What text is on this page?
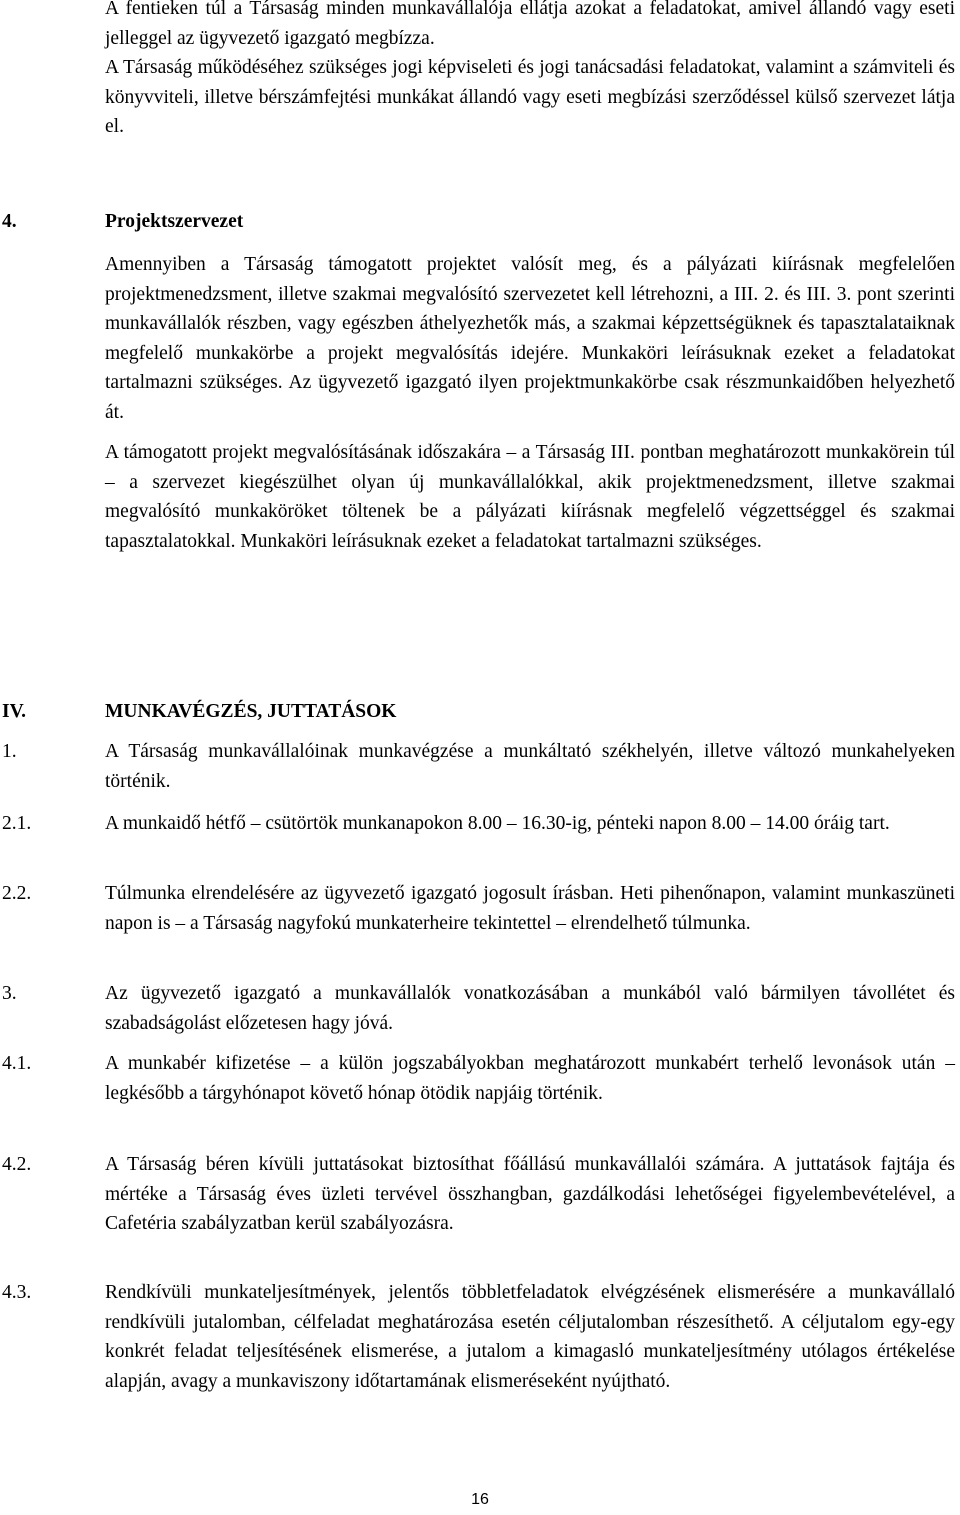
A fentieken túl a Társaság minden munkavállalója ellátja azokat a feladatokat, amivel állandó vagy eseti jelleggel az ügyvezető igazgató megbízza.

A Társaság működéséhez szükséges jogi képviseleti és jogi tanácsadási feladatokat, valamint a számviteli és könyvviteli, illetve bérszámfejtési munkákat állandó vagy eseti megbízási szerződéssel külső szervezet látja el.

4.	Projektszervezet

Amennyiben a Társaság támogatott projektet valósít meg, és a pályázati kiírásnak megfelelően projektmenedzsment, illetve szakmai megvalósító szervezetet kell létrehozni, a III. 2. és III. 3. pont szerinti munkavállalók részben, vagy egészben áthelyezhetők más, a szakmai képzettségüknek és tapasztalataiknak megfelelő munkakörbe a projekt megvalósítás idejére. Munkaköri leírásuknak ezeket a feladatokat tartalmazni szükséges. Az ügyvezető igazgató ilyen projektmunkakörbe csak részmunkaidőben helyezhető át.

A támogatott projekt megvalósításának időszakára – a Társaság III. pontban meghatározott munkakörein túl – a szervezet kiegészülhet olyan új munkavállalókkal, akik projektmenedzsment, illetve szakmai megvalósító munkaköröket töltenek be a pályázati kiírásnak megfelelő végzettséggel és szakmai tapasztalatokkal. Munkaköri leírásuknak ezeket a feladatokat tartalmazni szükséges.

IV.	MUNKAVÉGZÉS, JUTTATÁSOK
1.	A Társaság munkavállalóinak munkavégzése a munkáltató székhelyén, illetve változó munkahelyeken történik.
2.1.	A munkaidő hétfő – csütörtök munkanapokon 8.00 – 16.30-ig, pénteki napon 8.00 – 14.00 óráig tart.
2.2.	Túlmunka elrendelésére az ügyvezető igazgató jogosult írásban. Heti pihenőnapon, valamint munkaszüneti napon is – a Társaság nagyfokú munkaterheire tekintettel – elrendelhető túlmunka.
3.	Az ügyvezető igazgató a munkavállalók vonatkozásában a munkából való bármilyen távollétet és szabadságolást előzetesen hagy jóvá.
4.1.	A munkabér kifizetése – a külön jogszabályokban meghatározott munkabért terhelő levonások után – legkésőbb a tárgyhónapot követő hónap ötödik napjáig történik.
4.2.	A Társaság béren kívüli juttatásokat biztosíthat főállású munkavállalói számára. A juttatások fajtája és mértéke a Társaság éves üzleti tervével összhangban, gazdálkodási lehetőségei figyelembevételével, a Cafetéria szabályzatban kerül szabályozásra.
4.3.	Rendkívüli munkateljesítmények, jelentős többletfeladatok elvégzésének elismerésére a munkavállaló rendkívüli jutalomban, célfeladat meghatározása esetén céljutalomban részesíthető. A céljutalom egy-egy konkrét feladat teljesítésének elismerése, a jutalom a kimagasló munkateljesítmény utólagos értékelése alapján, avagy a munkaviszony időtartamának elismeréseként nyújtható.
16
